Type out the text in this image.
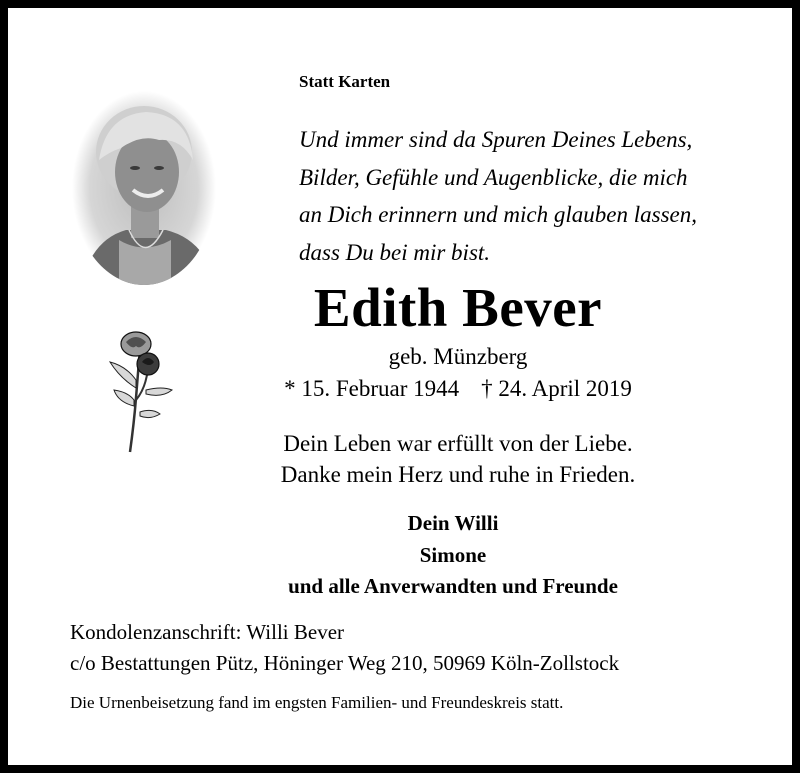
Statt Karten
Und immer sind da Spuren Deines Lebens,
Bilder, Gefühle und Augenblicke, die mich
an Dich erinnern und mich glauben lassen,
dass Du bei mir bist.
Edith Bever
geb. Münzberg
* 15. Februar 1944 † 24. April 2019
Dein Leben war erfüllt von der Liebe.
Danke mein Herz und ruhe in Frieden.
Dein Willi
Simone
und alle Anverwandten und Freunde
Kondolenzanschrift: Willi Bever
c/o Bestattungen Pütz, Höninger Weg 210, 50969 Köln-Zollstock
Die Urnenbeisetzung fand im engsten Familien- und Freundeskreis statt.
